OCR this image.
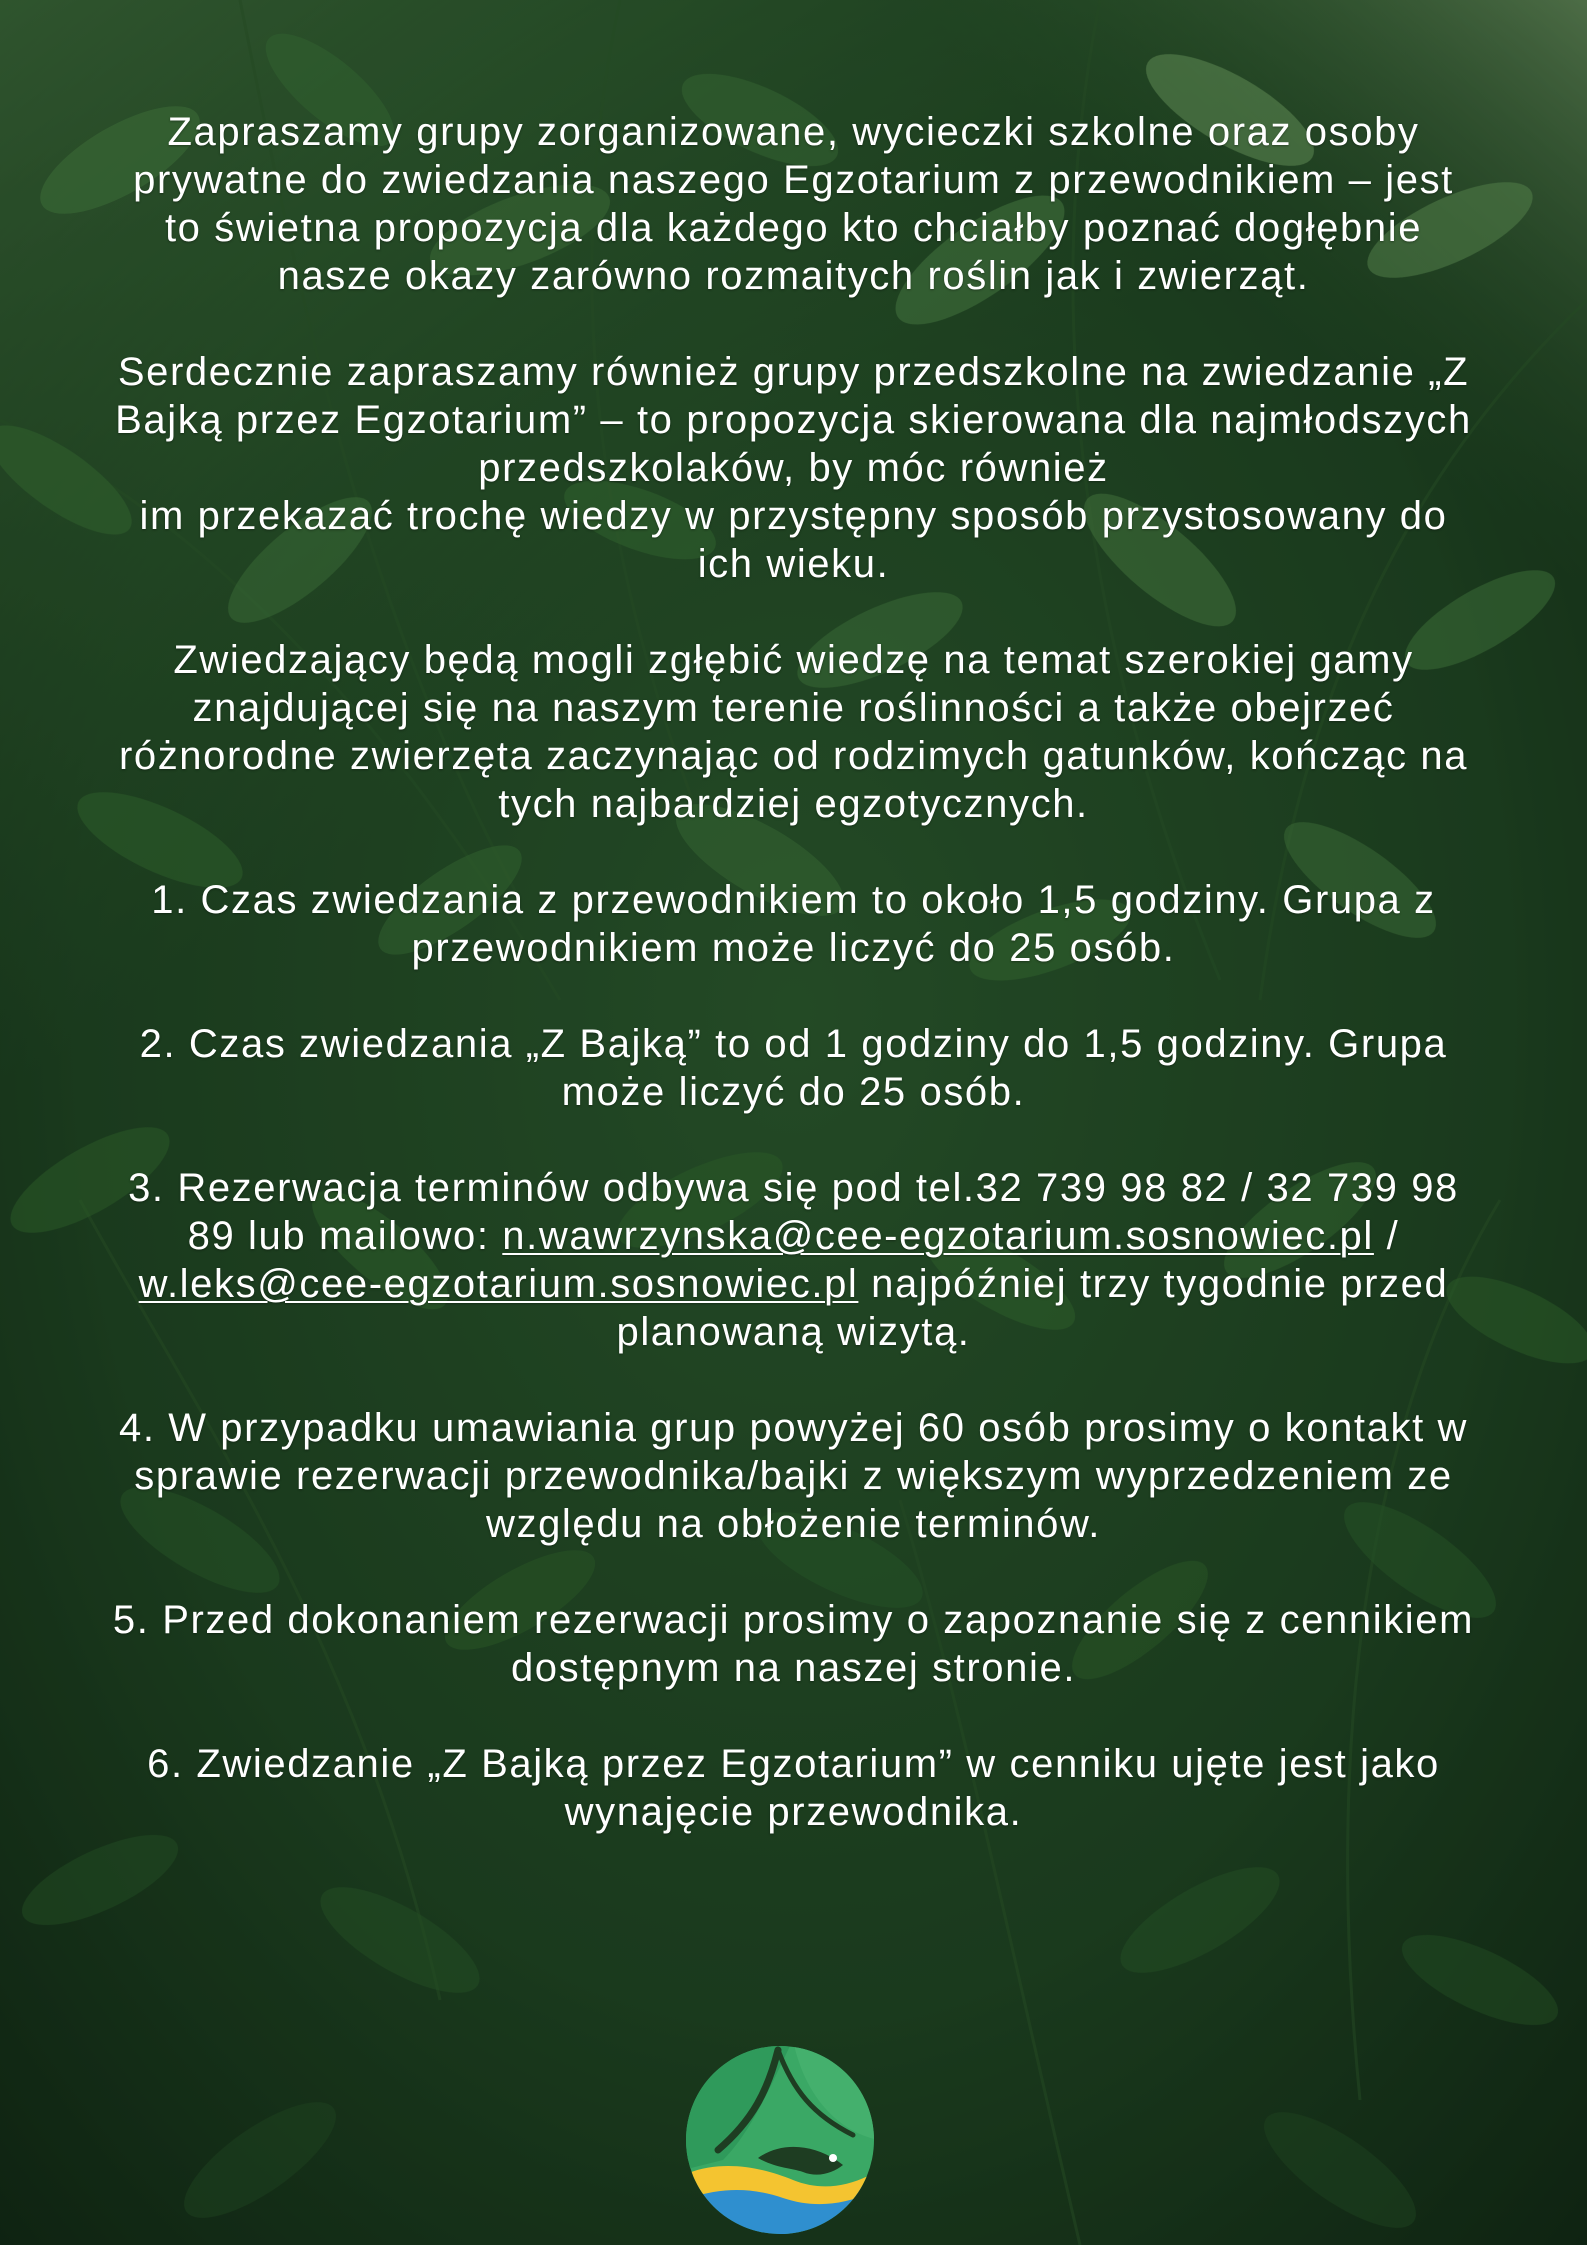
Zapraszamy grupy zorganizowane, wycieczki szkolne oraz osoby prywatne do zwiedzania naszego Egzotarium z przewodnikiem – jest to świetna propozycja dla każdego kto chciałby poznać dogłębnie nasze okazy zarówno rozmaitych roślin jak i zwierząt.

Serdecznie zapraszamy również grupy przedszkolne na zwiedzanie „Z Bajką przez Egzotarium” – to propozycja skierowana dla najmłodszych przedszkolaków, by móc również
im przekazać trochę wiedzy w przystępny sposób przystosowany do ich wieku.

Zwiedzający będą mogli zgłębić wiedzę na temat szerokiej gamy znajdującej się na naszym terenie roślinności a także obejrzeć różnorodne zwierzęta zaczynając od rodzimych gatunków, kończąc na tych najbardziej egzotycznych.

1. Czas zwiedzania z przewodnikiem to około 1,5 godziny. Grupa z przewodnikiem może liczyć do 25 osób.

2. Czas zwiedzania „Z Bajką” to od 1 godziny do 1,5 godziny. Grupa może liczyć do 25 osób.

3. Rezerwacja terminów odbywa się pod tel.32 739 98 82 / 32 739 98 89 lub mailowo: n.wawrzynska@cee-egzotarium.sosnowiec.pl / w.leks@cee-egzotarium.sosnowiec.pl najpóźniej trzy tygodnie przed planowaną wizytą.

4. W przypadku umawiania grup powyżej 60 osób prosimy o kontakt w sprawie rezerwacji przewodnika/bajki z większym wyprzedzeniem ze względu na obłożenie terminów.

5. Przed dokonaniem rezerwacji prosimy o zapoznanie się z cennikiem dostępnym na naszej stronie.

6. Zwiedzanie „Z Bajką przez Egzotarium” w cenniku ujęte jest jako wynajęcie przewodnika.
